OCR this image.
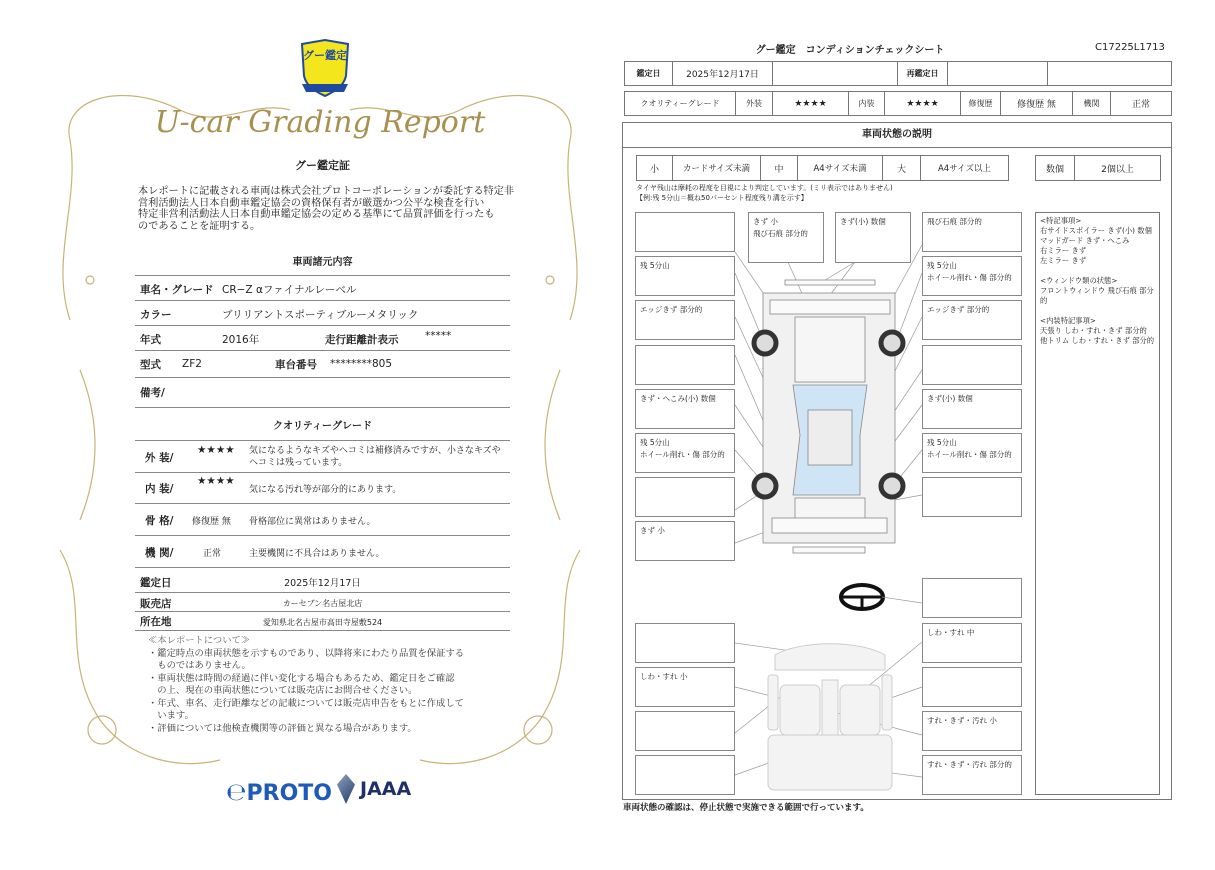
グー鑑定
U-car Grading Report
グー鑑定証
本レポートに記載される車両は株式会社プロトコーポレーションが委託する特定非
営利活動法人日本自動車鑑定協会の資格保有者が厳選かつ公平な検査を行い
特定非営利活動法人日本自動車鑑定協会の定める基準にて品質評価を行ったも
のであることを証明する。
車両諸元内容
車名・グレード CR−Z αファイナルレーベル
カラー	ブリリアントスポーティブルーメタリック
年式	2016年	走行距離計表示	*****
型式 ZF2	車台番号 ********805
備考/
クオリティーグレード
外 装/
★★★★ 気になるようなキズやヘコミは補修済みですが、小さなキズや
ヘコミは残っています。
内 装/
★★★★
気になる汚れ等が部分的にあります。
骨 格/ 修復歴 無 骨格部位に異常はありません。
機 関/	正常	主要機関に不具合はありません。
鑑定日	2025年12月17日
販売店	カーセブン名古屋北店
所在地	愛知県北名古屋市高田寺屋敷524
≪本レポートについて≫
・鑑定時点の車両状態を示すものであり、以降将来にわたり品質を保証する
　ものではありません。
・車両状態は時間の経過に伴い変化する場合もあるため、鑑定日をご確認
　の上、現在の車両状態については販売店にお問合せください。
・年式、車名、走行距離などの記載については販売店申告をもとに作成して
　います。
・評価については他検査機関等の評価と異なる場合があります。
℮PROTO JAAA
グー鑑定　コンディションチェックシート	C17225L1713
鑑定日	2025年12月17日	再鑑定日
クオリティーグレード	外装	★★★★	内装	★★★★	修復歴	修復歴 無	機関	正常
車両状態の説明
小	カードサイズ未満	中	A4サイズ未満	大	A4サイズ以上	数個	2個以上
タイヤ残山は摩耗の程度を目視により判定しています。(ミリ表示ではありません)
【例:残 5分山＝概ね50パーセント程度残り溝を示す】
残 5分山
エッジきず 部分的
きず・へこみ(小) 数個
残 5分山
ホイール削れ・傷 部分的
きず 小
きず 小
飛び石痕 部分的
きず(小) 数個	飛び石痕 部分的
残 5分山
ホイール削れ・傷 部分的
エッジきず 部分的
きず(小) 数個
残 5分山
ホイール削れ・傷 部分的
しわ・すれ 小
しわ・すれ 中
すれ・きず・汚れ 小
すれ・きず・汚れ 部分的
<特記事項>
右サイドスポイラー きず(小) 数個
マッドガード きず・へこみ
右ミラー きず
左ミラー きず
<ウィンドウ類の状態>
フロントウィンドウ 飛び石痕 部分的
<内装特記事項>
天張り しわ・すれ・きず 部分的
他トリム しわ・すれ・きず 部分的
車両状態の確認は、停止状態で実施できる範囲で行っています。
